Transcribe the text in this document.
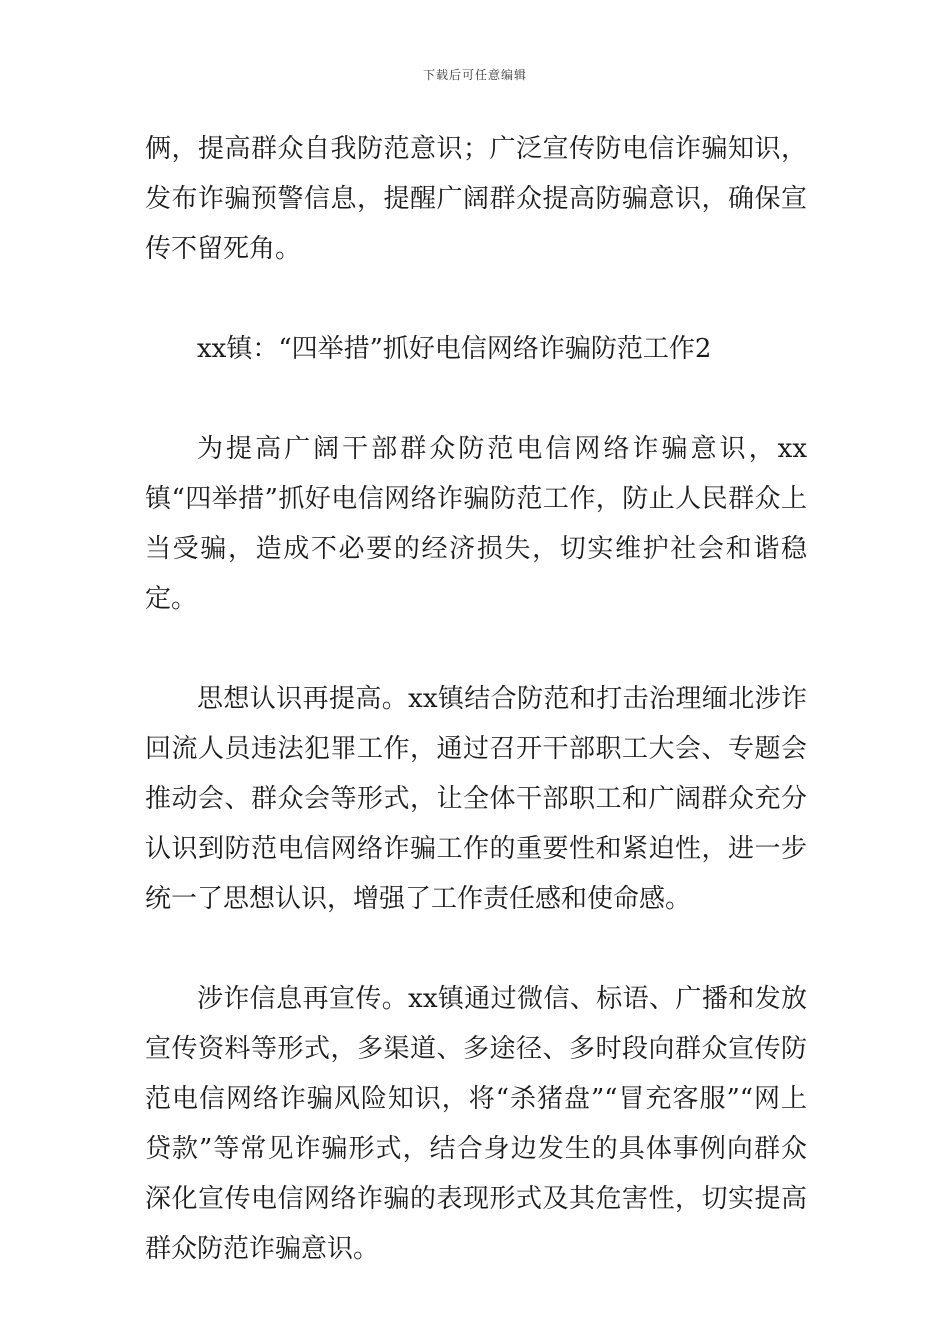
下载后可任意编辑

俩，提高群众自我防范意识；广泛宣传防电信诈骗知识，发布诈骗预警信息，提醒广阔群众提高防骗意识，确保宣传不留死角。

xx镇：“四举措”抓好电信网络诈骗防范工作2

为提高广阔干部群众防范电信网络诈骗意识，xx镇“四举措”抓好电信网络诈骗防范工作，防止人民群众上当受骗，造成不必要的经济损失，切实维护社会和谐稳定。

思想认识再提高。xx镇结合防范和打击治理缅北涉诈回流人员违法犯罪工作，通过召开干部职工大会、专题会推动会、群众会等形式，让全体干部职工和广阔群众充分认识到防范电信网络诈骗工作的重要性和紧迫性，进一步统一了思想认识，增强了工作责任感和使命感。

涉诈信息再宣传。xx镇通过微信、标语、广播和发放宣传资料等形式，多渠道、多途径、多时段向群众宣传防范电信网络诈骗风险知识，将“杀猪盘”“冒充客服”“网上贷款”等常见诈骗形式，结合身边发生的具体事例向群众深化宣传电信网络诈骗的表现形式及其危害性，切实提高群众防范诈骗意识。
